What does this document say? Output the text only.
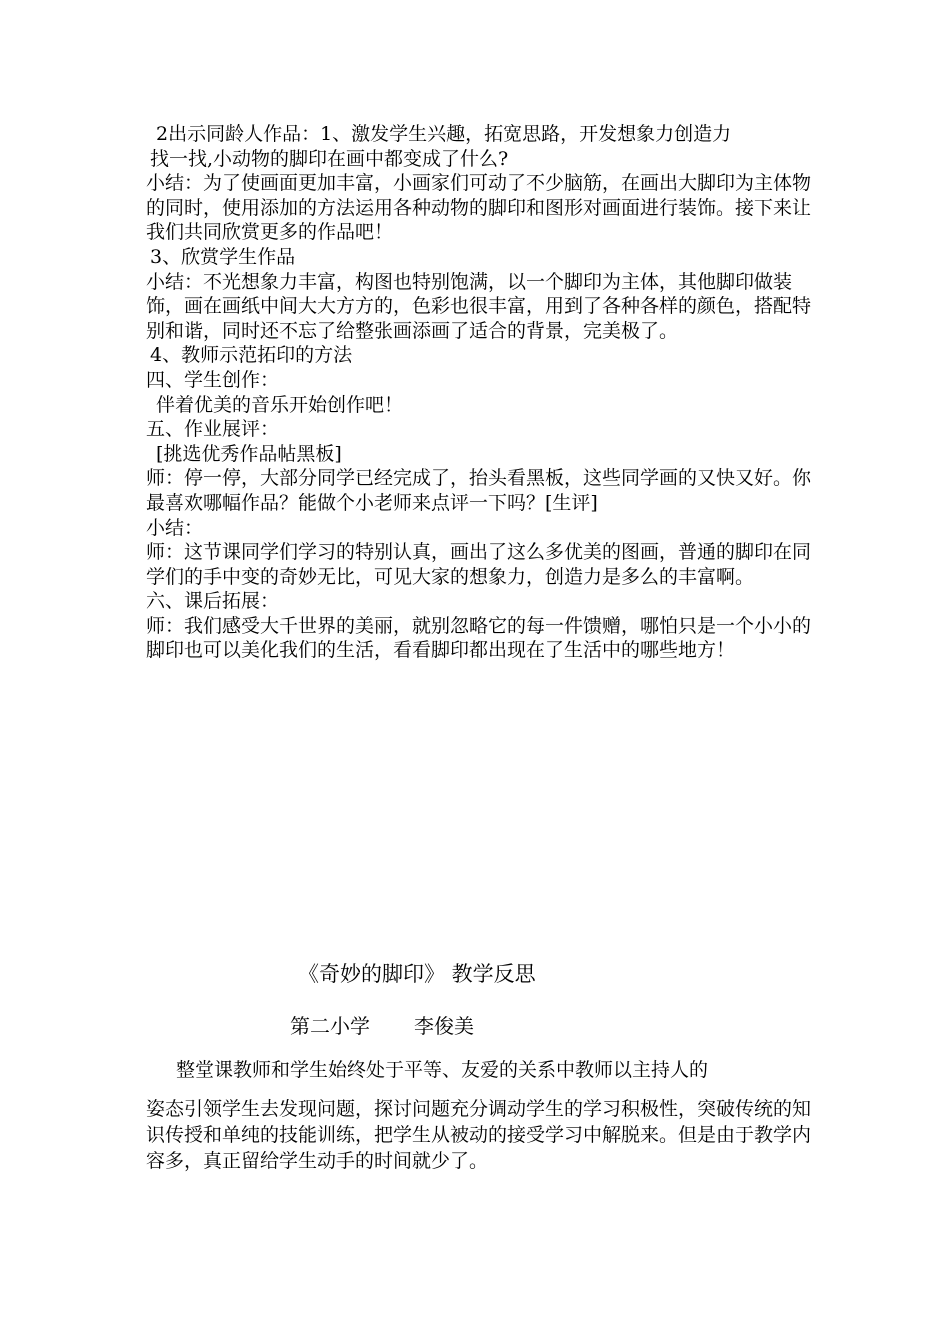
2出示同龄人作品：1、激发学生兴趣，拓宽思路，开发想象力创造力

找一找,小动物的脚印在画中都变成了什么?

小结：为了使画面更加丰富，小画家们可动了不少脑筋，在画出大脚印为主体物的同时，使用添加的方法运用各种动物的脚印和图形对画面进行装饰。接下来让我们共同欣赏更多的作品吧！

3、欣赏学生作品

小结：不光想象力丰富，构图也特别饱满，以一个脚印为主体，其他脚印做装饰，画在画纸中间大大方方的，色彩也很丰富，用到了各种各样的颜色，搭配特别和谐，同时还不忘了给整张画添画了适合的背景，完美极了。

4、教师示范拓印的方法

四、学生创作：

伴着优美的音乐开始创作吧！

五、作业展评：

[挑选优秀作品帖黑板]

师：停一停，大部分同学已经完成了，抬头看黑板，这些同学画的又快又好。你最喜欢哪幅作品？能做个小老师来点评一下吗？[生评]

小结：

师：这节课同学们学习的特别认真，画出了这么多优美的图画，普通的脚印在同学们的手中变的奇妙无比，可见大家的想象力，创造力是多么的丰富啊。

六、课后拓展：

师：我们感受大千世界的美丽，就别忽略它的每一件馈赠，哪怕只是一个小小的脚印也可以美化我们的生活，看看脚印都出现在了生活中的哪些地方！

《奇妙的脚印》 教学反思
第二小学 李俊美

整堂课教师和学生始终处于平等、友爱的关系中教师以主持人的

姿态引领学生去发现问题，探讨问题充分调动学生的学习积极性，突破传统的知识传授和单纯的技能训练，把学生从被动的接受学习中解脱来。但是由于教学内容多，真正留给学生动手的时间就少了。
